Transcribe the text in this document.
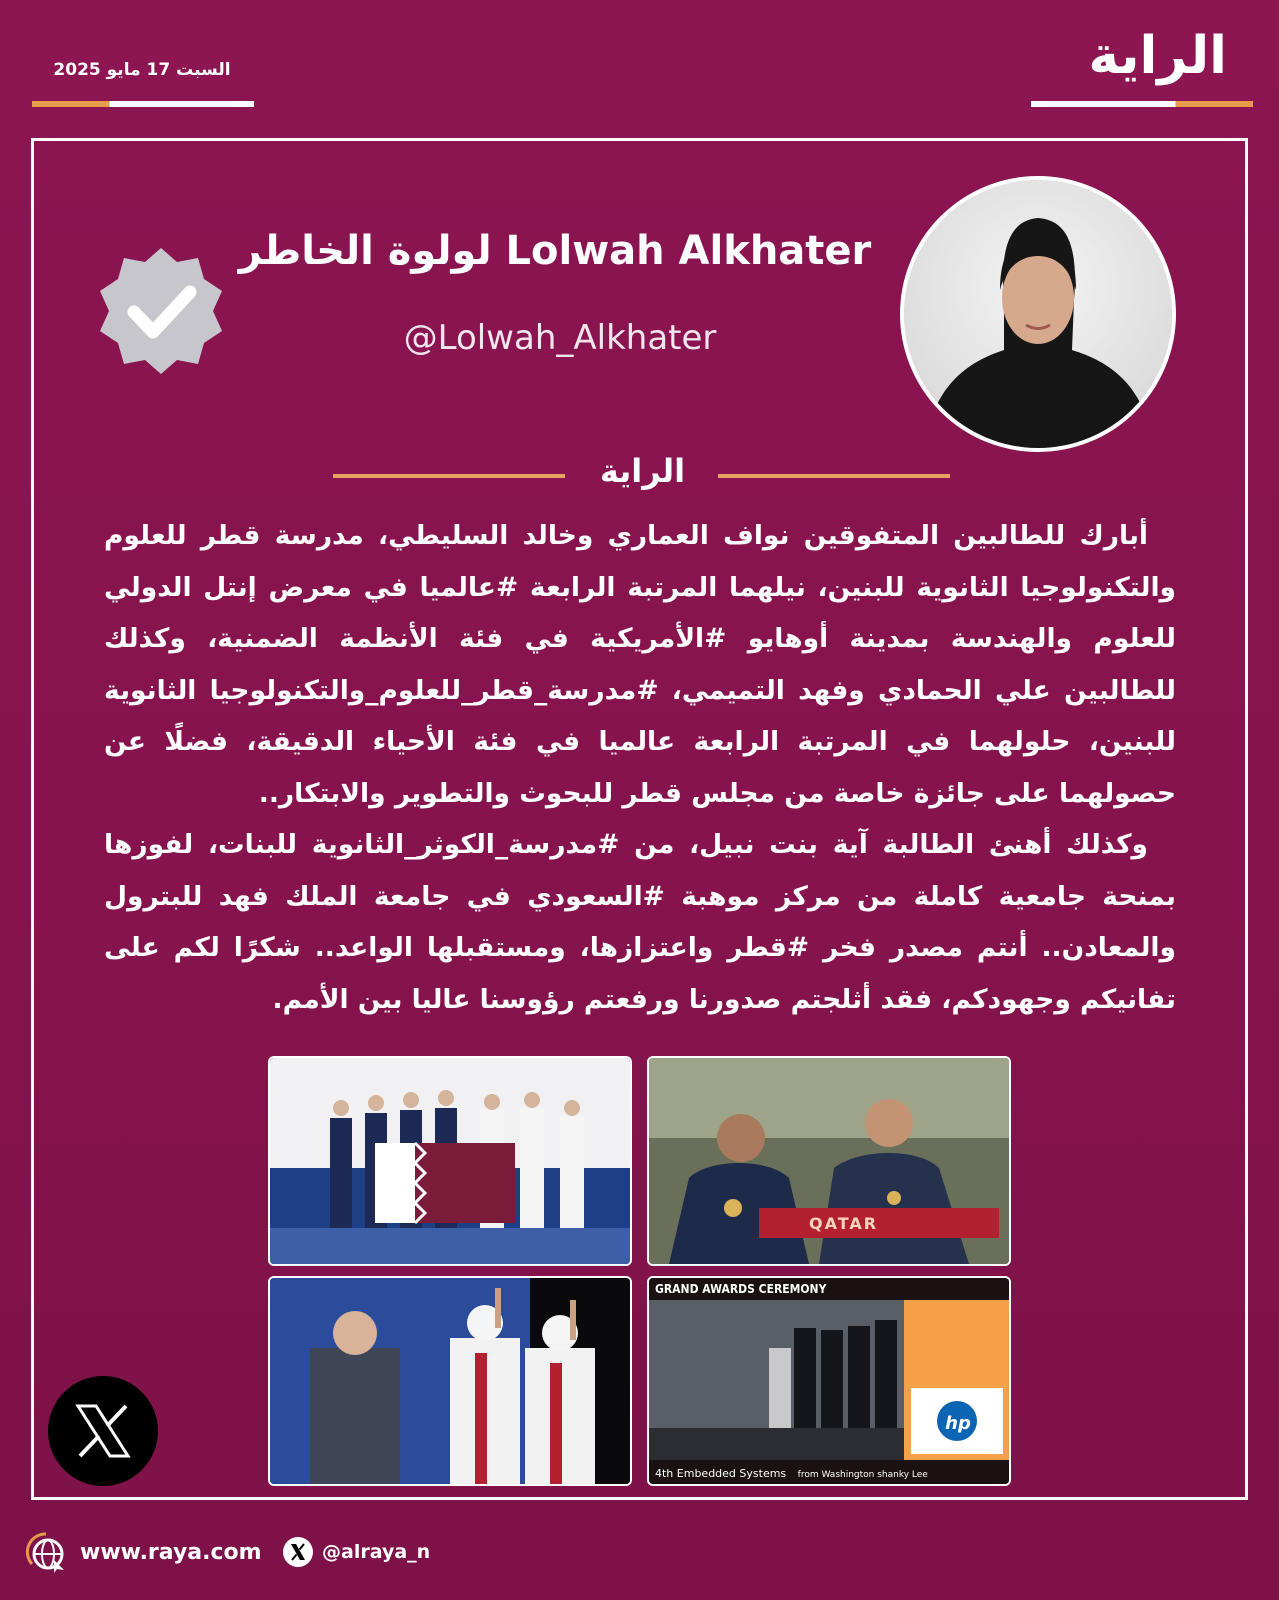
السبت 17 مايو 2025	الراية
Lolwah Alkhater لولوة الخاطر
@Lolwah_Alkhater
الراية

أبارك للطالبين المتفوقين نواف العماري وخالد السليطي، مدرسة قطر للعلوم والتكنولوجيا الثانوية للبنين، نيلهما المرتبة الرابعة #عالميا في معرض إنتل الدولي للعلوم والهندسة بمدينة أوهايو #الأمريكية في فئة الأنظمة الضمنية، وكذلك للطالبين علي الحمادي وفهد التميمي، #مدرسة_قطر_للعلوم_والتكنولوجيا الثانوية للبنين، حلولهما في المرتبة الرابعة عالميا في فئة الأحياء الدقيقة، فضلًا عن حصولهما على جائزة خاصة من مجلس قطر للبحوث والتطوير والابتكار..

وكذلك أهنئ الطالبة آية بنت نبيل، من #مدرسة_الكوثر_الثانوية للبنات، لفوزها بمنحة جامعية كاملة من مركز موهبة #السعودي في جامعة الملك فهد للبترول والمعادن.. أنتم مصدر فخر #قطر واعتزازها، ومستقبلها الواعد.. شكرًا لكم على تفانيكم وجهودكم، فقد أثلجتم صدورنا ورفعتم رؤوسنا عاليا بين الأمم.

QATAR
GRAND AWARDS CEREMONY
hp
4th Embedded Systems from Washington shanky Lee
www.raya.com	@alraya_n
